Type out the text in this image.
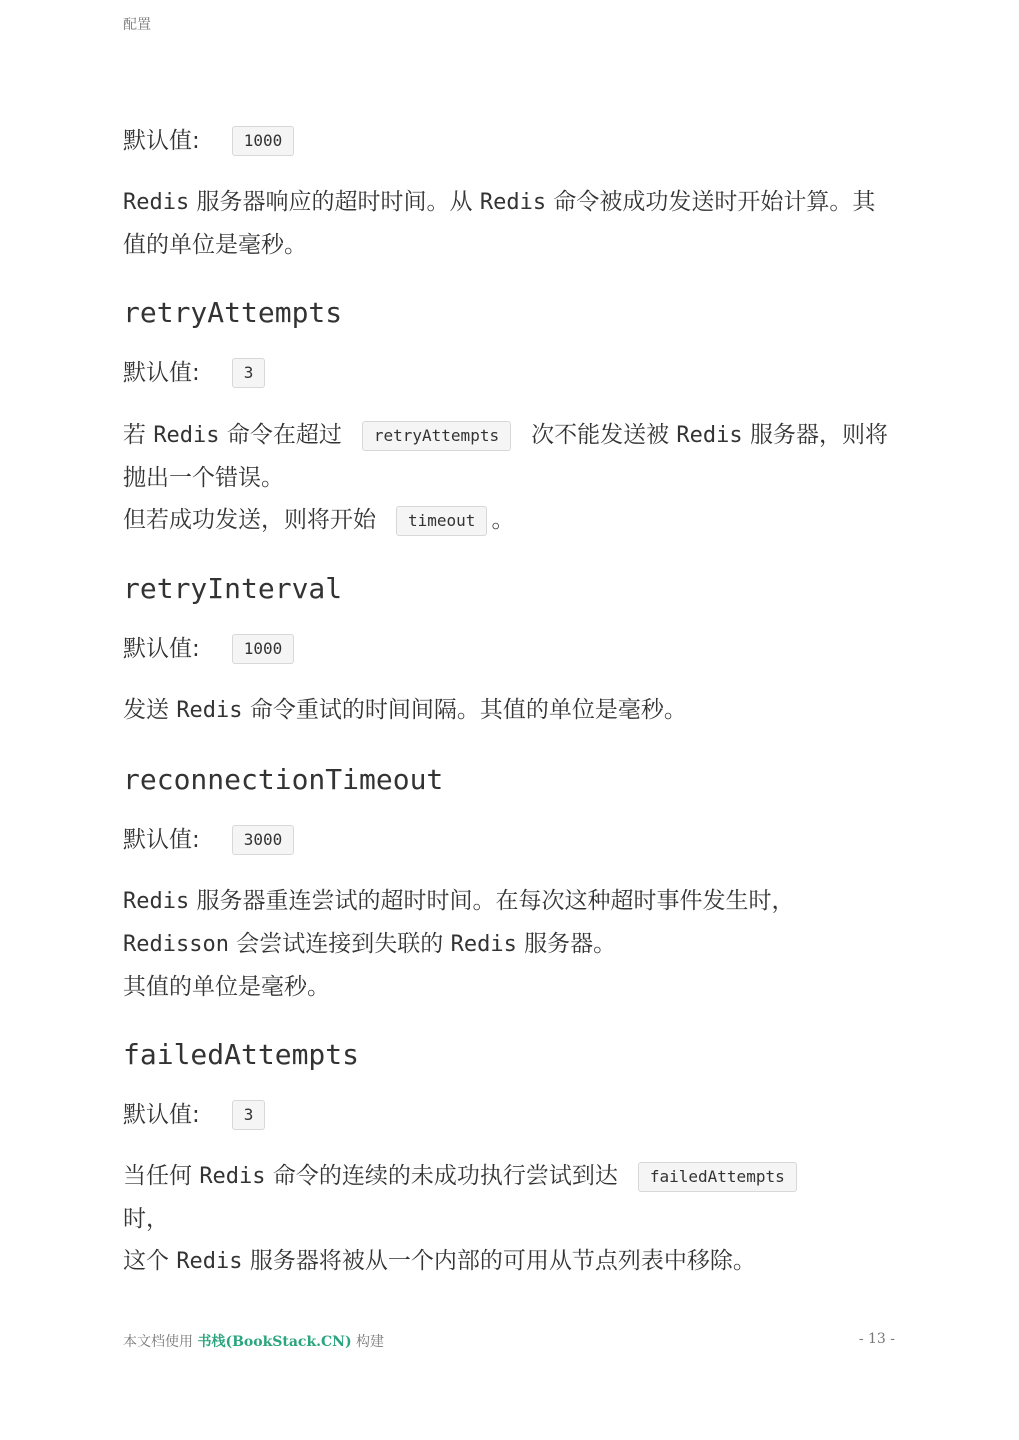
配置
默认值:	1000
Redis 服务器响应的超时时间。从 Redis 命令被成功发送时开始计算。其值的单位是毫秒。
retryAttempts
默认值:	3
若 Redis 命令在超过 retryAttempts 次不能发送被 Redis 服务器，则将抛出一个错误。
但若成功发送，则将开始 timeout 。
retryInterval
默认值:	1000
发送 Redis 命令重试的时间间隔。其值的单位是毫秒。
reconnectionTimeout
默认值:	3000
Redis 服务器重连尝试的超时时间。在每次这种超时事件发生时，
Redisson 会尝试连接到失联的 Redis 服务器。
其值的单位是毫秒。
failedAttempts
默认值:	3
当任何 Redis 命令的连续的未成功执行尝试到达 failedAttempts
时，
这个 Redis 服务器将被从一个内部的可用从节点列表中移除。
本文档使用 书栈(BookStack.CN) 构建	- 13 -
